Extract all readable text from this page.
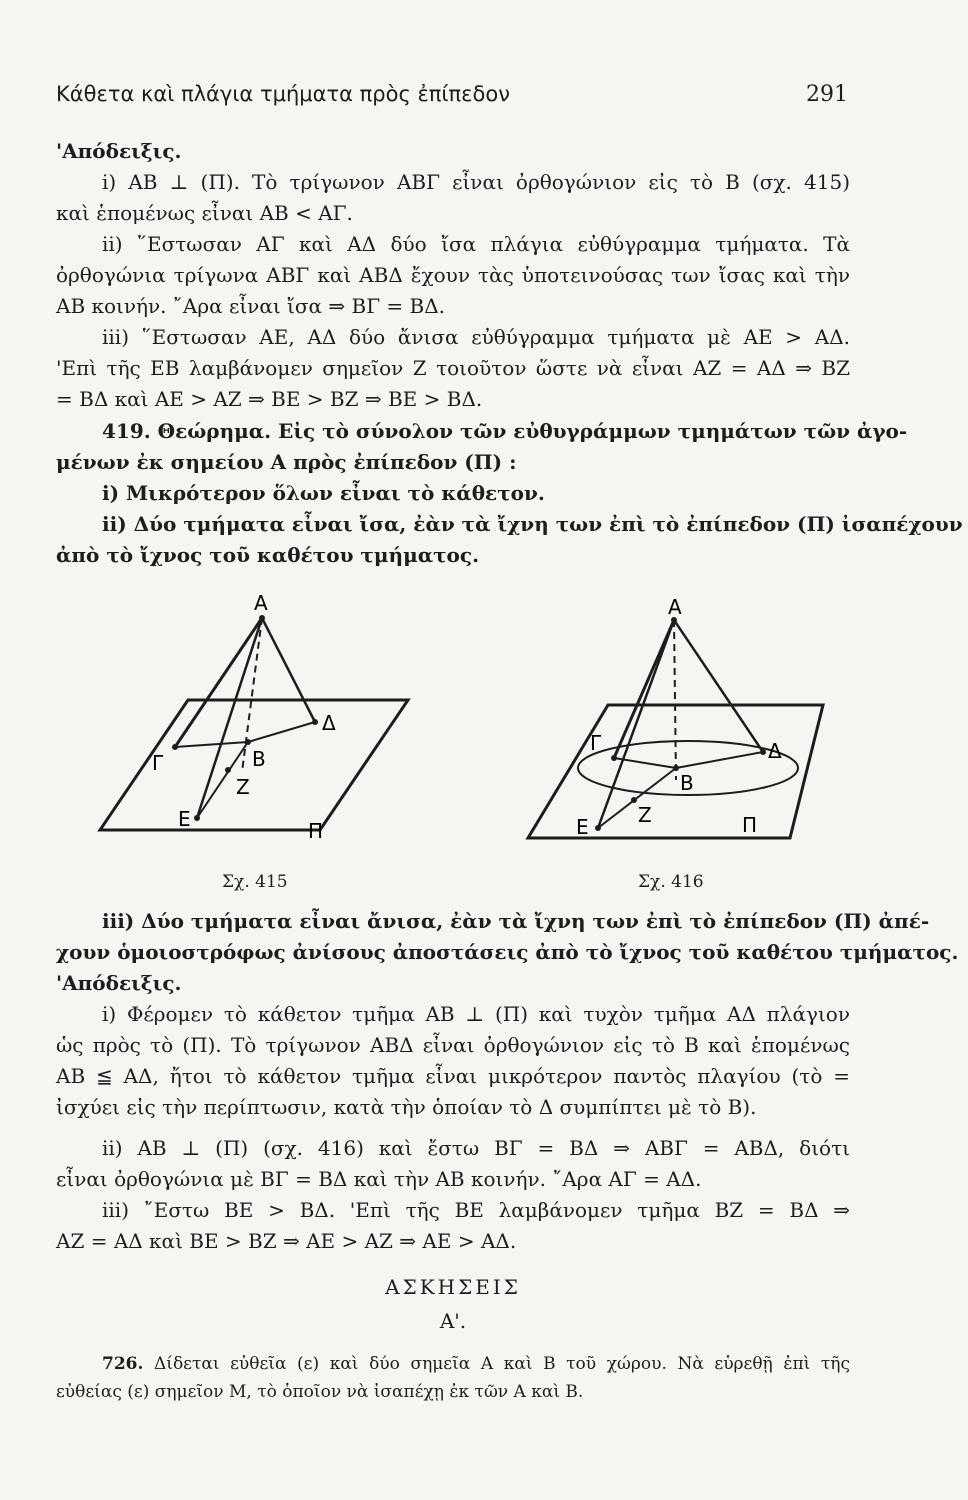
Κάθετα καὶ πλάγια τμήματα πρὸς ἐπίπεδον	291
'Απόδειξις.
i) AB ⊥ (Π). Τὸ τρίγωνον ΑΒΓ εἶναι ὀρθογώνιον εἰς τὸ Β (σχ. 415)
καὶ ἑπομένως εἶναι ΑΒ < ΑΓ.
ii) ῞Εστωσαν ΑΓ καὶ ΑΔ δύο ἴσα πλάγια εὐθύγραμμα τμήματα. Τὰ
ὀρθογώνια τρίγωνα ΑΒΓ καὶ ΑΒΔ ἔχουν τὰς ὑποτεινούσας των ἴσας καὶ τὴν
ΑΒ κοινήν. ῎Αρα εἶναι ἴσα ⇒ ΒΓ = ΒΔ.
iii) ῞Εστωσαν ΑΕ, ΑΔ δύο ἄνισα εὐθύγραμμα τμήματα μὲ ΑΕ > ΑΔ.
'Επὶ τῆς ΕΒ λαμβάνομεν σημεῖον Ζ τοιοῦτον ὥστε νὰ εἶναι ΑΖ = ΑΔ ⇒ ΒΖ
= ΒΔ καὶ ΑΕ > ΑΖ ⇒ ΒΕ > ΒΖ ⇒ ΒΕ > ΒΔ.
419. Θεώρημα. Εἰς τὸ σύνολον τῶν εὐθυγράμμων τμημάτων τῶν ἀγο-
μένων ἐκ σημείου Α πρὸς ἐπίπεδον (Π) :
i) Μικρότερον ὅλων εἶναι τὸ κάθετον.
ii) Δύο τμήματα εἶναι ἴσα, ἐὰν τὰ ἴχνη των ἐπὶ τὸ ἐπίπεδον (Π) ἰσαπέχουν
ἀπὸ τὸ ἴχνος τοῦ καθέτου τμήματος.
A
Δ
Γ	B
Z
E	Π
Σχ. 415
A
Δ
Γ
B
Z
E	Π
Σχ. 416
iii) Δύο τμήματα εἶναι ἄνισα, ἐὰν τὰ ἴχνη των ἐπὶ τὸ ἐπίπεδον (Π) ἀπέ-
χουν ὁμοιοστρόφως ἀνίσους ἀποστάσεις ἀπὸ τὸ ἴχνος τοῦ καθέτου τμήματος.
'Απόδειξις.
i) Φέρομεν τὸ κάθετον τμῆμα ΑΒ ⊥ (Π) καὶ τυχὸν τμῆμα ΑΔ πλάγιον
ὡς πρὸς τὸ (Π). Τὸ τρίγωνον ΑΒΔ εἶναι ὀρθογώνιον εἰς τὸ Β καὶ ἑπομένως
ΑΒ ≦ ΑΔ, ἤτοι τὸ κάθετον τμῆμα εἶναι μικρότερον παντὸς πλαγίου (τὸ =
ἰσχύει εἰς τὴν περίπτωσιν, κατὰ τὴν ὁποίαν τὸ Δ συμπίπτει μὲ τὸ Β).
ii) ΑΒ ⊥ (Π) (σχ. 416) καὶ ἔστω ΒΓ = ΒΔ ⇒ ΑΒΓ = ΑΒΔ, διότι
εἶναι ὀρθογώνια μὲ ΒΓ = ΒΔ καὶ τὴν ΑΒ κοινήν. ῎Αρα ΑΓ = ΑΔ.
iii) ῎Εστω ΒΕ > ΒΔ. 'Επὶ τῆς ΒΕ λαμβάνομεν τμῆμα ΒΖ = ΒΔ ⇒
ΑΖ = ΑΔ καὶ ΒΕ > ΒΖ ⇒ ΑΕ > ΑΖ ⇒ ΑΕ > ΑΔ.
ΑΣΚΗΣΕΙΣ
Α'.
726. Δίδεται εὐθεῖα (ε) καὶ δύο σημεῖα Α καὶ Β τοῦ χώρου. Νὰ εὑρεθῇ ἐπὶ τῆς
εὐθείας (ε) σημεῖον Μ, τὸ ὁποῖον νὰ ἰσαπέχῃ ἐκ τῶν Α καὶ Β.
